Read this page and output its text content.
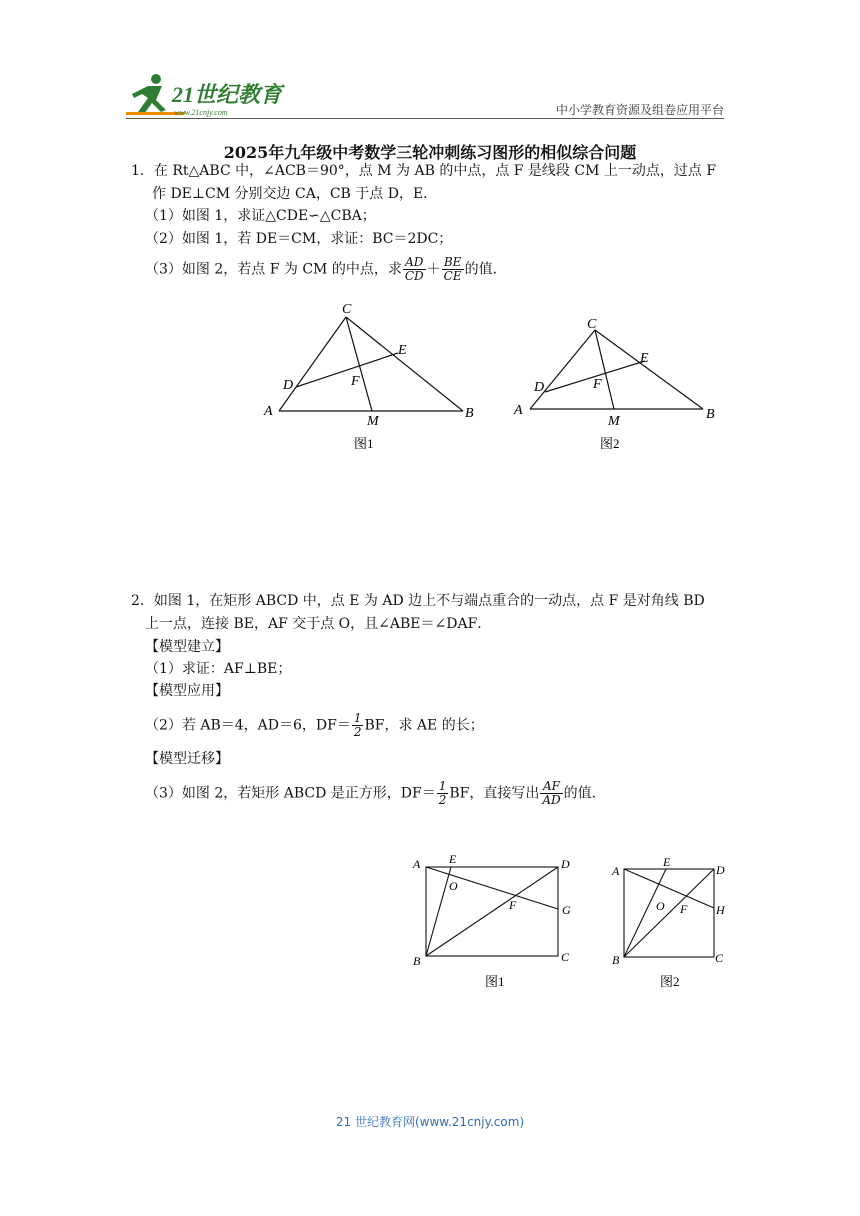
21世纪教育
www.21cnjy.com	中小学教育资源及组卷应用平台
2025年九年级中考数学三轮冲刺练习图形的相似综合问题
1．在 Rt△ABC 中，∠ACB＝90°，点 M 为 AB 的中点，点 F 是线段 CM 上一动点，过点 F
作 DE⊥CM 分别交边 CA，CB 于点 D，E．
（1）如图 1，求证△CDE∽△CBA；
（2）如图 1，若 DE＝CM，求证：BC＝2DC；
（3）如图 2，若点 F 为 CM 的中点，求 $\frac{AD}{CD} + \frac{BE}{CE}$ 的值．
C
E
D	F
A	B
M
图1
C
E
D	F
A	B
M
图2
2．如图 1，在矩形 ABCD 中，点 E 为 AD 边上不与端点重合的一动点，点 F 是对角线 BD
上一点，连接 BE，AF 交于点 O，且∠ABE＝∠DAF．
【模型建立】
（1）求证：AF⊥BE；
【模型应用】
（2）若 AB＝4，AD＝6，$DF= \frac{1}{2}$ BF，求 AE 的长；
【模型迁移】
（3）如图 2，若矩形 ABCD 是正方形，$DF= \frac{1}{2}$ BF，直接写出 $\frac{AF}{AD}$ 的值．
A E	D
O
F	G
B	C
图1
A
E
D
O F H
B	C
图2
21 世纪教育网(www.21cnjy.com)
